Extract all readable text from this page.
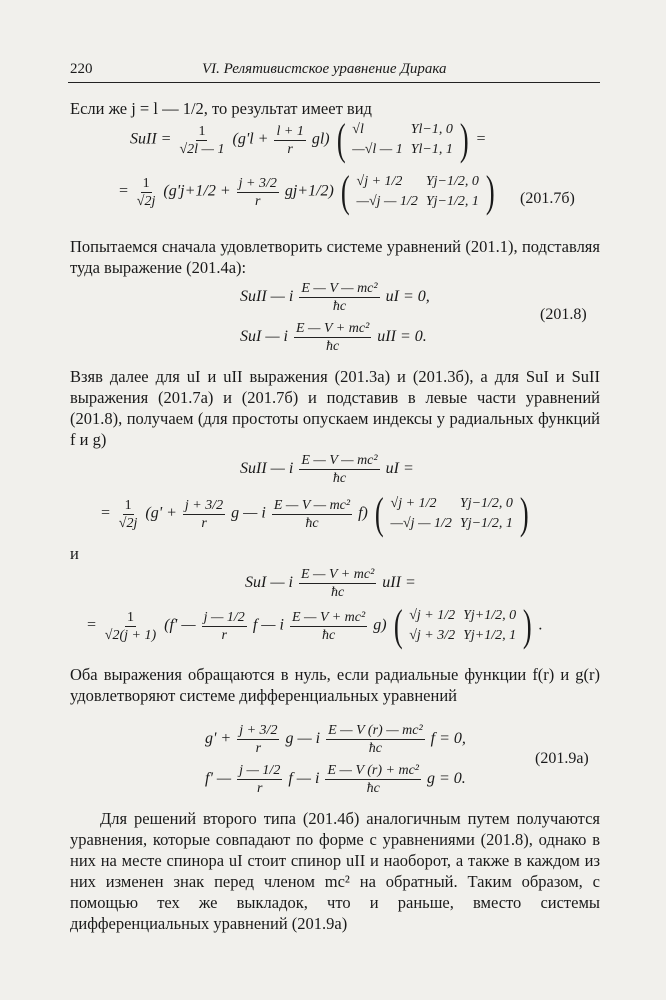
220	VI. Релятивистское уравнение Дирака
Если же j = l — 1/2, то результат имеет вид
SuII = $\frac{1}{√2l — 1} (g'l + \frac{l + 1}{r} gl)$ ( √l
—√l — 1
Yl−1, 0
Yl−1, 1 ) =
= $\frac{1}{√2j} (g'j+1/2 + \frac{j + 3/2}{r} gj+1/2)$ ( √j + 1/2
—√j — 1/2
Yj−1/2, 0
Yj−1/2, 1 ) (201.7б)
Попытаемся сначала удовлетворить системе уравнений (201.1), подставляя туда выражение (201.4а):
SuII — i $\frac{\text{E — V — mc²}}{ħc}$ uI = 0,
SuI — i $\frac{\text{E — V + mc²}}{ħc}$ uII = 0.
(201.8)
Взяв далее для uI и uII выражения (201.3а) и (201.3б), а для SuI и SuII выражения (201.7а) и (201.7б) и подставив в левые части уравнений (201.8), получаем (для простоты опускаем индексы у радиальных функций f и g)
SuII — i $\frac{\text{E — V — mc²}}{ħc}$ uI =
= $\frac{1}{√2j} (g' + \frac{j + 3/2}{r}$ g — i $\frac{\text{E — V — mc²}}{ħc} f$) ( √j + 1/2
—√j — 1/2
Yj−1/2, 0
Yj−1/2, 1 )
и
SuI — i $\frac{\text{E — V + mc²}}{ħc}$ uII =
= $\frac{1}{√2(j + 1)} (f'$ — $\frac{j — 1/2}{r}$ f — i $\frac{\text{E — V + mc²}}{ħc} g$) ( √j + 1/2
√j + 3/2
Yj+1/2, 0
Yj+1/2, 1 ) .
Оба выражения обращаются в нуль, если радиальные функции f(r) и g(r) удовлетворяют системе дифференциальных уравнений
$g' + \frac{j + 3/2}{r}$ g — i $\frac{\text{E — V (r) — mc²}}{ħc}$ f = 0,
f' — $\frac{j — 1/2}{r}$ f — i $\frac{\text{E — V (r) + mc²}}{ħc}$ g = 0.
(201.9а)
Для решений второго типа (201.4б) аналогичным путем получаются уравнения, которые совпадают по форме с уравнениями (201.8), однако в них на месте спинора uI стоит спинор uII и наоборот, а также в каждом из них изменен знак перед членом mc² на обратный. Таким образом, с помощью тех же выкладок, что и раньше, вместо системы дифференциальных уравнений (201.9а)
